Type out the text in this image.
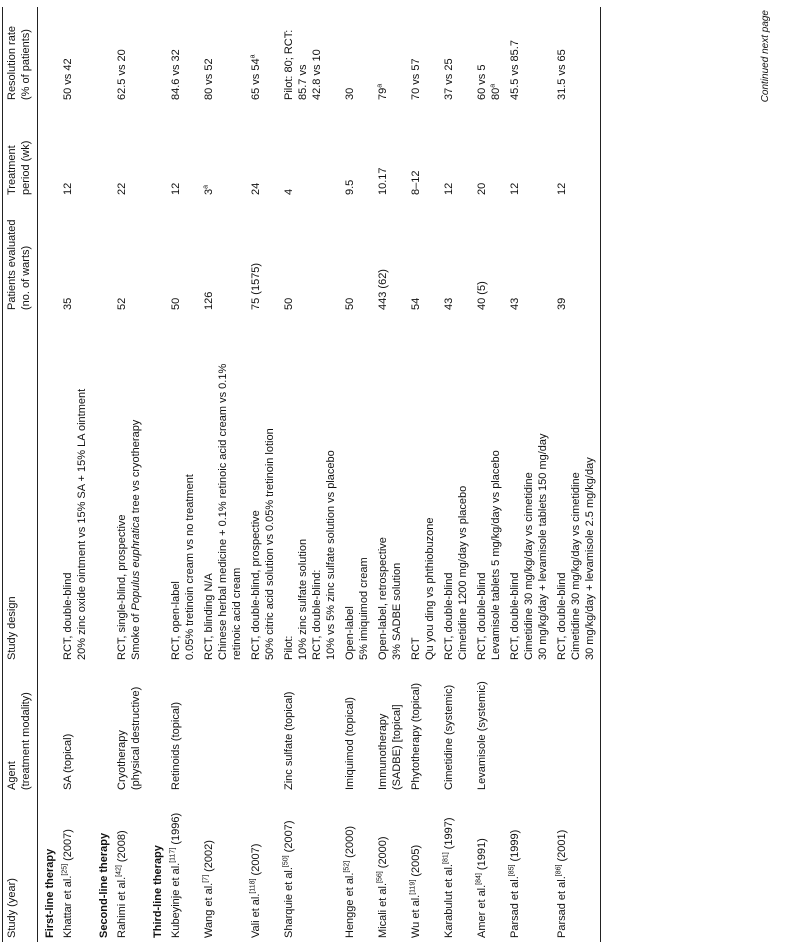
Study (year)	Agent (treatment modality)	Study design	Patients evaluated (no. of warts)	Treatment period (wk)	Resolution rate (% of patients)

First-line therapy					
Khattar et al.[25] (2007)	SA (topical)	RCT, double-blind 20% zinc oxide ointment vs 15% SA + 15% LA ointment	35	12	50 vs 42
Second-line therapy					
Rahimi et al.[42] (2008)	Cryotherapy (physical destructive)	RCT, single-blind, prospective Smoke of Populus euphratica tree vs cryotherapy	52	22	62.5 vs 20
Third-line therapy					
Kubeyinje et al.[117] (1996)	Retinoids (topical)	RCT, open-label 0.05% tretinoin cream vs no treatment	50	12	84.6 vs 32
Wang et al.[7] (2002)		RCT, blinding N/A Chinese herbal medicine + 0.1% retinoic acid cream vs 0.1% retinoic acid cream	126	3$^a$	80 vs 52
Vali et al.[118] (2007)		RCT, double-blind, prospective 50% citric acid solution vs 0.05% tretinoin lotion	75 (1575)	24	65 vs 54$^a$
Sharquie et al.[50] (2007)	Zinc sulfate (topical)	Pilot: 10% zinc sulfate solution RCT, double-blind: 10% vs 5% zinc sulfate solution vs placebo	50	4	Pilot: 80; RCT: 85.7 vs 42.8 vs 10

Hengge et al.[52] (2000)	Imiquimod (topical)	Open-label 5% imiquimod cream	50	9.5	30
Micali et al.[56] (2000)	Immunotherapy (SADBE) [topical]	Open-label, retrospective 3% SADBE solution	443 (62)	10.17	79$^a$
Wu et al.[119] (2005)	Phytotherapy (topical)	RCT Qu you ding vs phthiobuzone	54	8–12	70 vs 57
Karabulut et al.[81] (1997)	Cimetidine (systemic)	RCT, double-blind Cimetidine 1200 mg/day vs placebo	43	12	37 vs 25
Amer et al.[84] (1991)	Levamisole (systemic)	RCT, double-blind Levamisole tablets 5 mg/kg/day vs placebo	40 (5)	20	60 vs 5 80$^a$

Parsad et al.[85] (1999)		RCT, double-blind Cimetidine 30 mg/kg/day vs cimetidine 30 mg/kg/day + levamisole tablets 150 mg/day	43	12	45.5 vs 85.7
Parsad et al.[86] (2001)		RCT, double-blind Cimetidine 30 mg/kg/day vs cimetidine 30 mg/kg/day + levamisole 2.5 mg/kg/day	39	12	31.5 vs 65	Continued next page
